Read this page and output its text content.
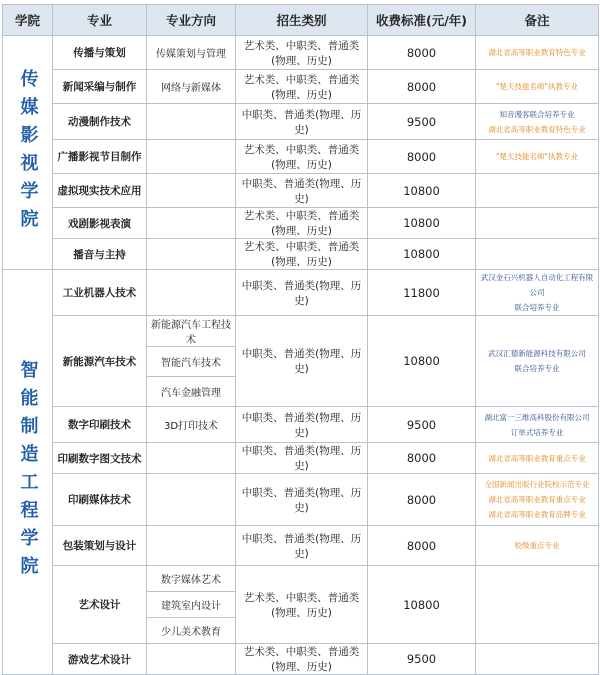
学院	专业	专业方向	招生类别	收费标准(元/年)	备注

传媒影视学院	传播与策划	传媒策划与管理	艺术类、中职类、普通类(物理、历史)	8000	湖北省高等职业教育特色专业

	新闻采编与制作	网络与新媒体	艺术类、中职类、普通类(物理、历史)	8000	"楚天技能名师"执教专业

	动漫制作技术		中职类、普通类(物理、历史)	9500	知音漫客联合培养专业
湖北省高等职业教育特色专业

	广播影视节目制作		艺术类、中职类、普通类(物理、历史)	8000	"楚天技能名师"执教专业

	虚拟现实技术应用		中职类、普通类(物理、历史)	10800	
	戏剧影视表演		艺术类、中职类、普通类(物理、历史)	10800	
	播音与主持		艺术类、中职类、普通类(物理、历史)	10800	

智能制造工程学院	工业机器人技术		中职类、普通类(物理、历史)	11800	武汉金石兴机器人自动化工程有限公司
联合培养专业

	新能源汽车技术	新能源汽车工程技术	中职类、普通类(物理、历史)	10800	武汉汇德新能源科技有限公司
联合培养专业

		智能汽车技术			
		汽车金融管理			
	数字印刷技术	3D打印技术	中职类、普通类(物理、历史)	9500	湖北富一三维高科股份有限公司
订单式培养专业

	印刷数字图文技术		中职类、普通类(物理、历史)	8000	湖北省高等职业教育重点专业

	印刷媒体技术		中职类、普通类(物理、历史)	8000	全国新闻出版行业院校示范专业
湖北省高等职业教育重点专业
湖北省高等职业教育品牌专业

	包装策划与设计		中职类、普通类(物理、历史)	8000	校级重点专业

	艺术设计	数字媒体艺术	艺术类、中职类、普通类(物理、历史)	10800	
		建筑室内设计			
		少儿美术教育			
	游戏艺术设计		艺术类、中职类、普通类(物理、历史)	9500	
